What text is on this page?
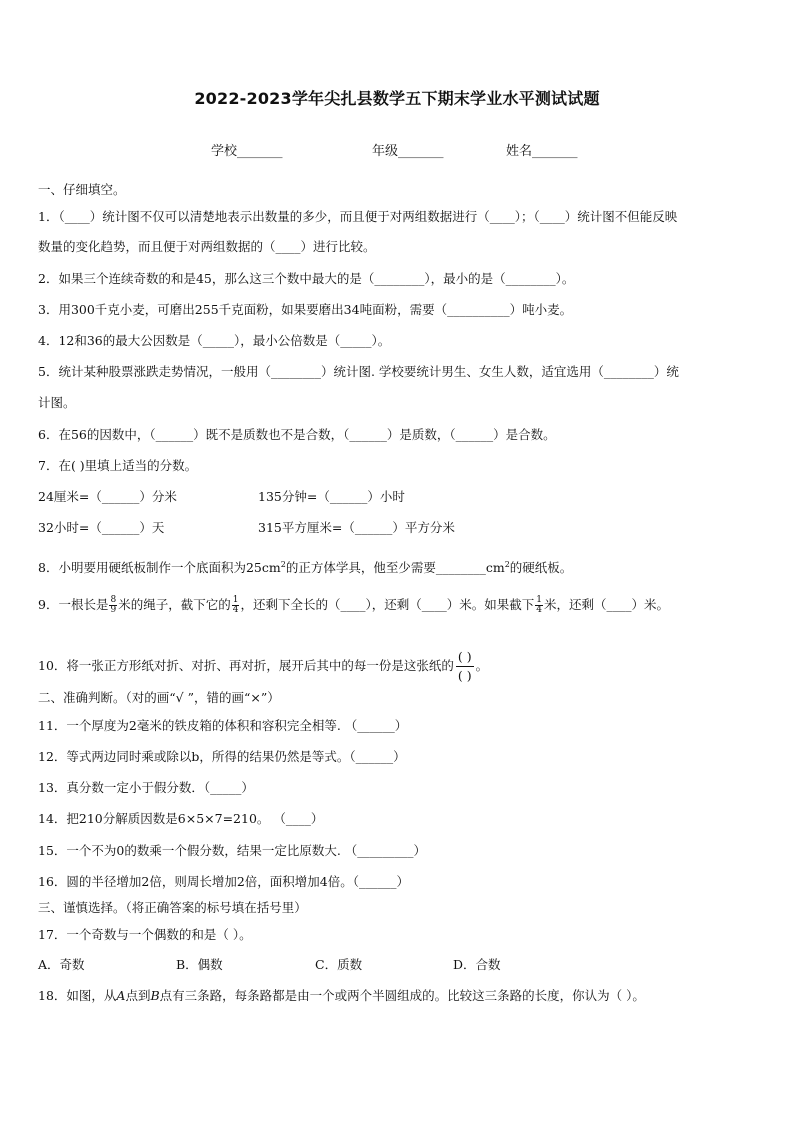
2022-2023学年尖扎县数学五下期末学业水平测试试题
学校_______	年级_______	姓名_______
一、仔细填空。
1．（____）统计图不仅可以清楚地表示出数量的多少，而且便于对两组数据进行（____）；（____）统计图不但能反映
数量的变化趋势，而且便于对两组数据的（____）进行比较。
2．如果三个连续奇数的和是45，那么这三个数中最大的是（________），最小的是（________）。
3．用300千克小麦，可磨出255千克面粉，如果要磨出34吨面粉，需要（__________）吨小麦。
4．12和36的最大公因数是（_____），最小公倍数是（_____）。
5．统计某种股票涨跌走势情况，一般用（________）统计图. 学校要统计男生、女生人数，适宜选用（________）统
计图。
6．在56的因数中，（______）既不是质数也不是合数，（______）是质数，（______）是合数。
7．在( )里填上适当的分数。
24厘米=（______）分米	135分钟=（______）小时
32小时=（______）天	315平方厘米=（______）平方分米
8．小明要用硬纸板制作一个底面积为$25cm^2$的正方体学具，他至少需要$\_\_\_\_\_\_\_\_cm^2$的硬纸板。
9．一根长是 $\frac{8}{9}$ 米的绳子，截下它的 $\frac{1}{4}$ ，还剩下全长的（____），还剩（____）米。如果截下 $\frac{1}{4}$ 米，还剩（____）米。
10．将一张正方形纸对折、对折、再对折，展开后其中的每一份是这张纸的 $\frac{( )}{( )}$ 。
二、准确判断。（对的画“√ ”，错的画“×”）
11．一个厚度为2毫米的铁皮箱的体积和容积完全相等. （______）
12．等式两边同时乘或除以b，所得的结果仍然是等式。（______）
13．真分数一定小于假分数．（_____）
14．把210分解质因数是6×5×7=210。 （____）
15．一个不为0的数乘一个假分数，结果一定比原数大. （_________）
16．圆的半径增加2倍，则周长增加2倍，面积增加4倍。（______）
三、谨慎选择。（将正确答案的标号填在括号里）
17．一个奇数与一个偶数的和是（ ）。
A．奇数	B．偶数	C．质数	D．合数
18．如图，从A点到B点有三条路，每条路都是由一个或两个半圆组成的。比较这三条路的长度，你认为（ ）。
